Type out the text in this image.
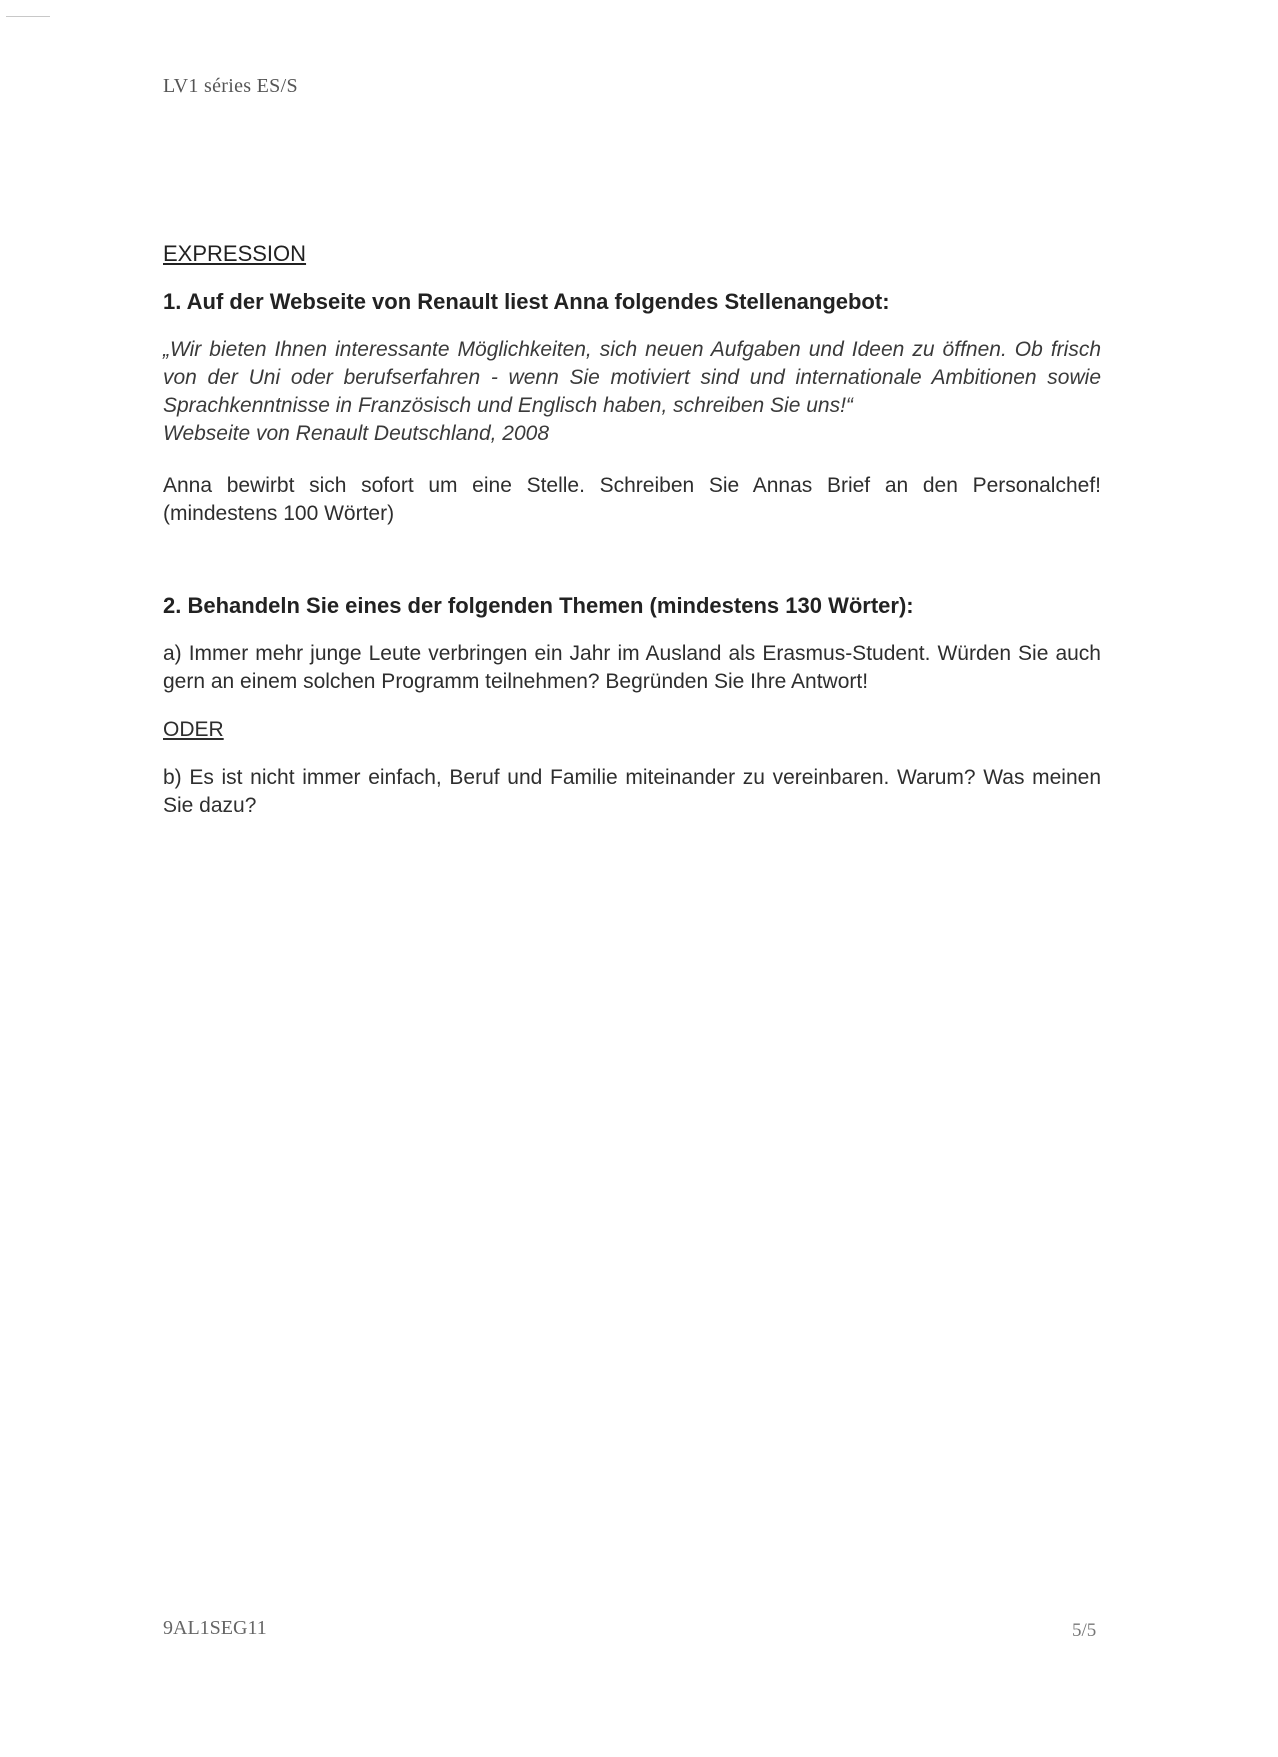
LV1 séries ES/S
EXPRESSION
1. Auf der Webseite von Renault liest Anna folgendes Stellenangebot:

„Wir bieten Ihnen interessante Möglichkeiten, sich neuen Aufgaben und Ideen zu öffnen. Ob frisch von der Uni oder berufserfahren - wenn Sie motiviert sind und internationale Ambitionen sowie Sprachkenntnisse in Französisch und Englisch haben, schreiben Sie uns!“

Webseite von Renault Deutschland, 2008

Anna bewirbt sich sofort um eine Stelle. Schreiben Sie Annas Brief an den Personalchef! (mindestens 100 Wörter)

2. Behandeln Sie eines der folgenden Themen (mindestens 130 Wörter):

a) Immer mehr junge Leute verbringen ein Jahr im Ausland als Erasmus-Student. Würden Sie auch gern an einem solchen Programm teilnehmen? Begründen Sie Ihre Antwort!

ODER

b) Es ist nicht immer einfach, Beruf und Familie miteinander zu vereinbaren. Warum? Was meinen Sie dazu?

9AL1SEG11	5/5
